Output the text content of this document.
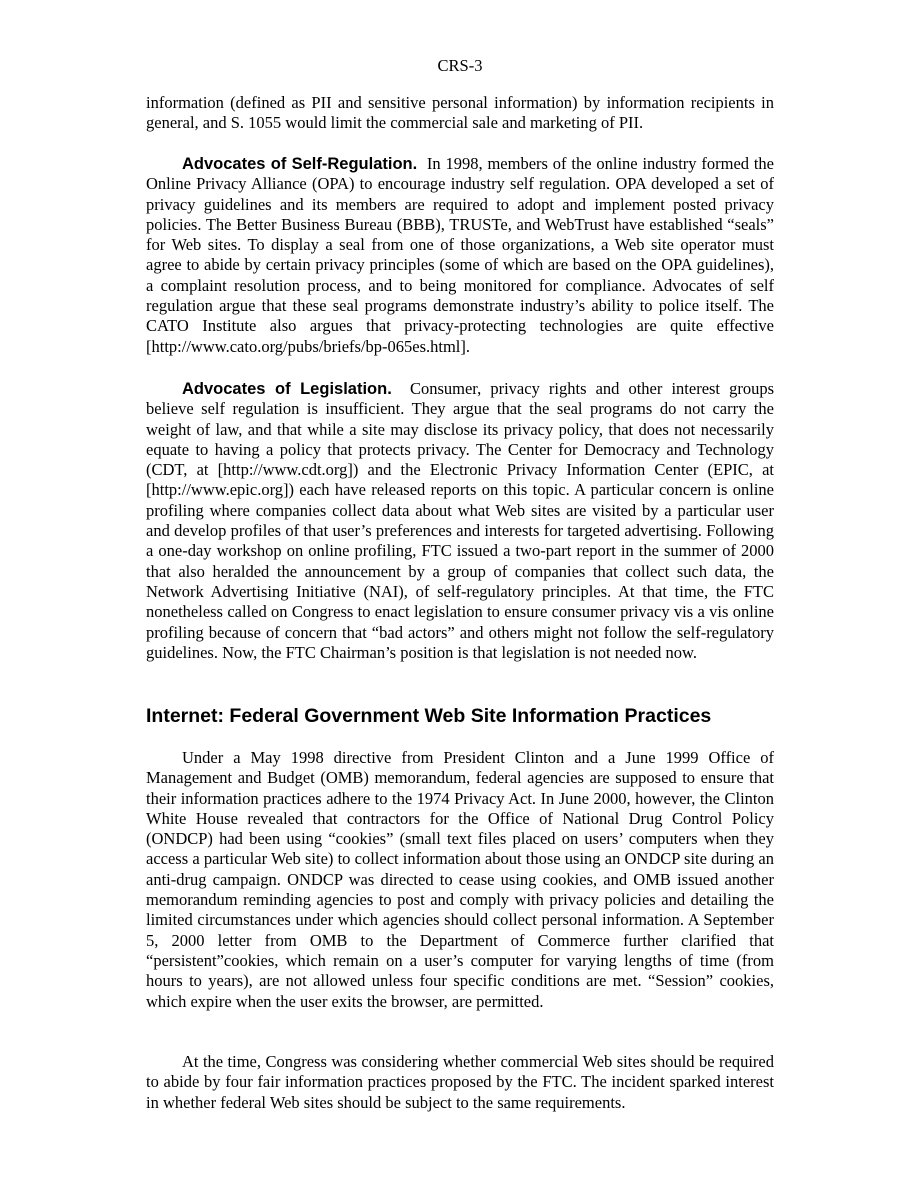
CRS-3

information (defined as PII and sensitive personal information) by information recipients in general, and S. 1055 would limit the commercial sale and marketing of PII.

Advocates of Self-Regulation. In 1998, members of the online industry formed the Online Privacy Alliance (OPA) to encourage industry self regulation. OPA developed a set of privacy guidelines and its members are required to adopt and implement posted privacy policies. The Better Business Bureau (BBB), TRUSTe, and WebTrust have established “seals” for Web sites. To display a seal from one of those organizations, a Web site operator must agree to abide by certain privacy principles (some of which are based on the OPA guidelines), a complaint resolution process, and to being monitored for compliance. Advocates of self regulation argue that these seal programs demonstrate industry’s ability to police itself. The CATO Institute also argues that privacy-protecting technologies are quite effective [http://www.cato.org/pubs/briefs/bp-065es.html].

Advocates of Legislation. Consumer, privacy rights and other interest groups believe self regulation is insufficient. They argue that the seal programs do not carry the weight of law, and that while a site may disclose its privacy policy, that does not necessarily equate to having a policy that protects privacy. The Center for Democracy and Technology (CDT, at [http://www.cdt.org]) and the Electronic Privacy Information Center (EPIC, at [http://www.epic.org]) each have released reports on this topic. A particular concern is online profiling where companies collect data about what Web sites are visited by a particular user and develop profiles of that user’s preferences and interests for targeted advertising. Following a one-day workshop on online profiling, FTC issued a two-part report in the summer of 2000 that also heralded the announcement by a group of companies that collect such data, the Network Advertising Initiative (NAI), of self-regulatory principles. At that time, the FTC nonetheless called on Congress to enact legislation to ensure consumer privacy vis a vis online profiling because of concern that “bad actors” and others might not follow the self-regulatory guidelines. Now, the FTC Chairman’s position is that legislation is not needed now.

Internet: Federal Government Web Site Information Practices

Under a May 1998 directive from President Clinton and a June 1999 Office of Management and Budget (OMB) memorandum, federal agencies are supposed to ensure that their information practices adhere to the 1974 Privacy Act. In June 2000, however, the Clinton White House revealed that contractors for the Office of National Drug Control Policy (ONDCP) had been using “cookies” (small text files placed on users’ computers when they access a particular Web site) to collect information about those using an ONDCP site during an anti-drug campaign. ONDCP was directed to cease using cookies, and OMB issued another memorandum reminding agencies to post and comply with privacy policies and detailing the limited circumstances under which agencies should collect personal information. A September 5, 2000 letter from OMB to the Department of Commerce further clarified that “persistent”cookies, which remain on a user’s computer for varying lengths of time (from hours to years), are not allowed unless four specific conditions are met. “Session” cookies, which expire when the user exits the browser, are permitted.

At the time, Congress was considering whether commercial Web sites should be required to abide by four fair information practices proposed by the FTC. The incident sparked interest in whether federal Web sites should be subject to the same requirements.
